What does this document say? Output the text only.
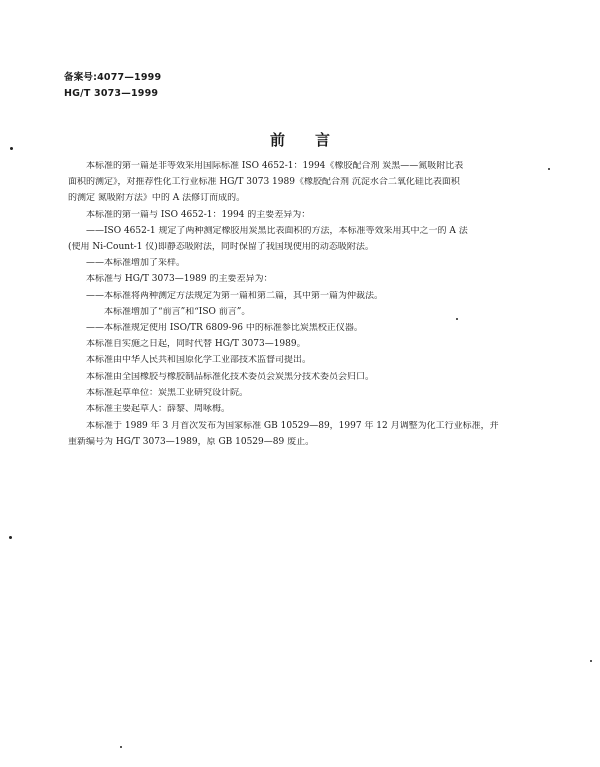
备案号:4077—1999
HG/T 3073—1999
前言
本标准的第一篇是非等效采用国际标准 ISO 4652-1：1994《橡胶配合剂 炭黑——氮吸附比表
面积的测定》，对推荐性化工行业标准 HG/T 3073 1989《橡胶配合剂 沉淀水合二氧化硅比表面积
的测定 氮吸附方法》中的 A 法修订而成的。
本标准的第一篇与 ISO 4652-1：1994 的主要差异为：
——ISO 4652-1 规定了两种测定橡胶用炭黑比表面积的方法，本标准等效采用其中之一的 A 法
(使用 Ni-Count-1 仪)即静态吸附法，同时保留了我国现使用的动态吸附法。
——本标准增加了采样。
本标准与 HG/T 3073—1989 的主要差异为：
——本标准将两种测定方法规定为第一篇和第二篇，其中第一篇为仲裁法。
本标准增加了“前言”和“ISO 前言”。
——本标准规定使用 ISO/TR 6809-96 中的标准参比炭黑校正仪器。
本标准自实施之日起，同时代替 HG/T 3073—1989。
本标准由中华人民共和国原化学工业部技术监督司提出。
本标准由全国橡胶与橡胶制品标准化技术委员会炭黑分技术委员会归口。
本标准起草单位：炭黑工业研究设计院。
本标准主要起草人：薛黎、周咏梅。
本标准于 1989 年 3 月首次发布为国家标准 GB 10529—89，1997 年 12 月调整为化工行业标准，并
重新编号为 HG/T 3073—1989，原 GB 10529—89 废止。
